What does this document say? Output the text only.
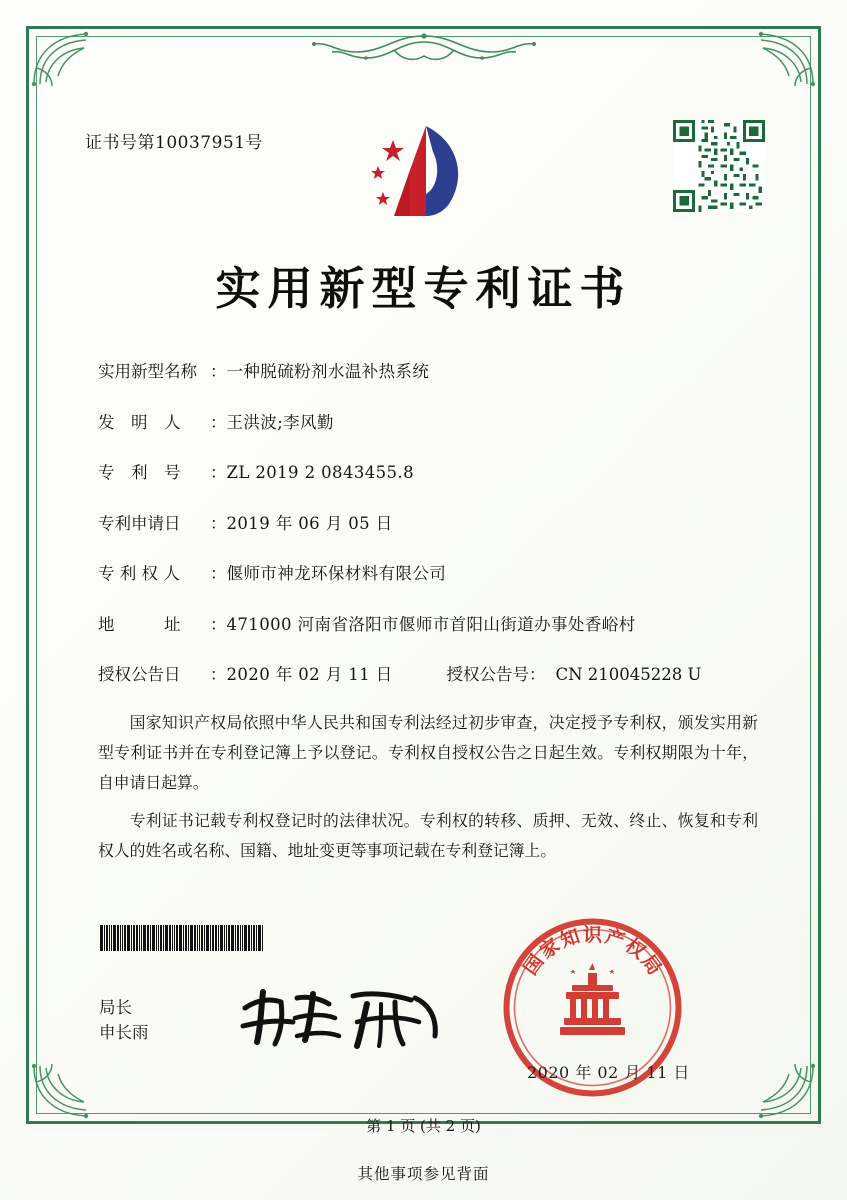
证书号第10037951号
实用新型专利证书
实用新型名称 ： 一种脱硫粉剂水温补热系统
发　明　人	： 王洪波;李风勤
专　利　号	： ZL 2019 2 0843455.8
专利申请日	： 2019 年 06 月 05 日
专 利 权 人	： 偃师市神龙环保材料有限公司
地　　　址	： 471000 河南省洛阳市偃师市首阳山街道办事处香峪村
授权公告日	： 2020 年 02 月 11 日	授权公告号： CN 210045228 U

国家知识产权局依照中华人民共和国专利法经过初步审查，决定授予专利权，颁发实用新型专利证书并在专利登记簿上予以登记。专利权自授权公告之日起生效。专利权期限为十年，自申请日起算。

专利证书记载专利权登记时的法律状况。专利权的转移、质押、无效、终止、恢复和专利权人的姓名或名称、国籍、地址变更等事项记载在专利登记簿上。

局长
申长雨
国
家
知 识 产
权
局
2020 年 02 月 11 日
第 1 页 (共 2 页)
其他事项参见背面
